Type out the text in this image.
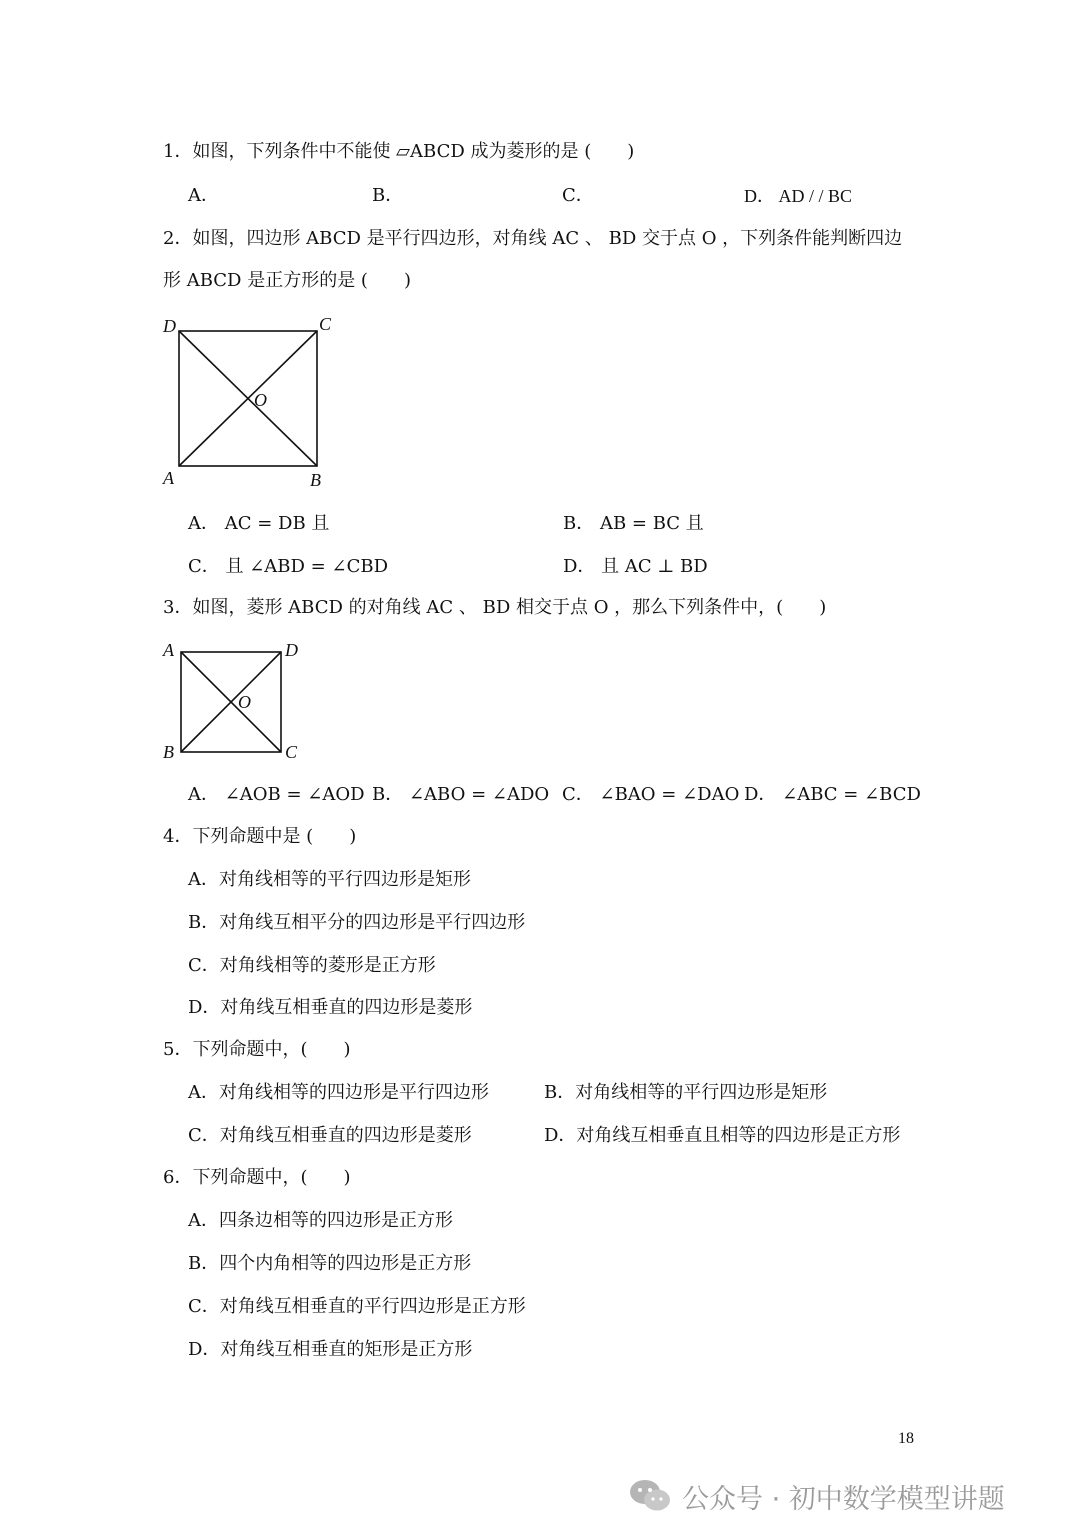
1．如图，下列条件中不能使 ▱ABCD 成为菱形的是 (　　)
A．	B．	C．	D． AD / / BC
2．如图，四边形 ABCD 是平行四边形，对角线 AC 、 BD 交于点 O ，下列条件能判断四边
形 ABCD 是正方形的是 (　　)
D	C
O
A	B
A． AC = DB 且	B． AB = BC 且
C． 且 ∠ABD = ∠CBD	D． 且 AC ⊥ BD
3．如图，菱形 ABCD 的对角线 AC 、 BD 相交于点 O ，那么下列条件中，(　　)
A	D
O
B	C
A． ∠AOB = ∠AOD B． ∠ABO = ∠ADO C． ∠BAO = ∠DAO D． ∠ABC = ∠BCD
4．下列命题中是 (　　)
A．对角线相等的平行四边形是矩形
B．对角线互相平分的四边形是平行四边形
C．对角线相等的菱形是正方形
D．对角线互相垂直的四边形是菱形
5．下列命题中，(　　)
A．对角线相等的四边形是平行四边形	B．对角线相等的平行四边形是矩形
C．对角线互相垂直的四边形是菱形	D．对角线互相垂直且相等的四边形是正方形
6．下列命题中，(　　)
A．四条边相等的四边形是正方形
B．四个内角相等的四边形是正方形
C．对角线互相垂直的平行四边形是正方形
D．对角线互相垂直的矩形是正方形
18
公众号 · 初中数学模型讲题
